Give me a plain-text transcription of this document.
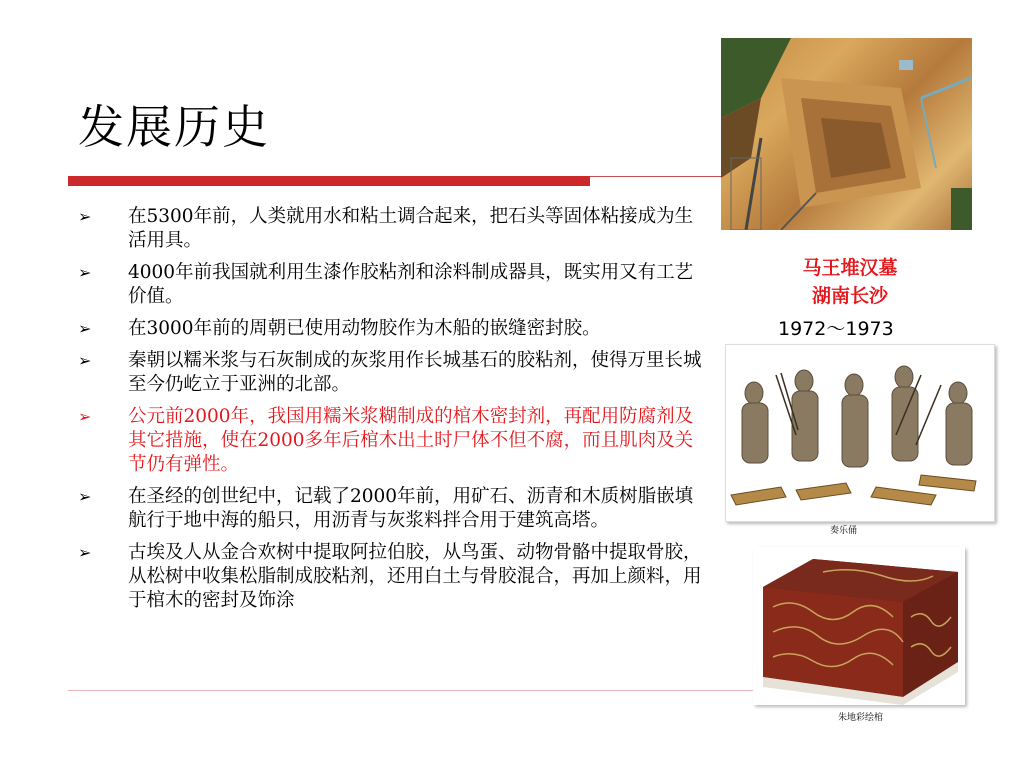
发展历史
➢	在5300年前，人类就用水和粘土调合起来，把石头等固体粘接成为生活用具。
➢	4000年前我国就利用生漆作胶粘剂和涂料制成器具，既实用又有工艺价值。
➢	在3000年前的周朝已使用动物胶作为木船的嵌缝密封胶。
➢	秦朝以糯米浆与石灰制成的灰浆用作长城基石的胶粘剂，使得万里长城至今仍屹立于亚洲的北部。
➢	公元前2000年，我国用糯米浆糊制成的棺木密封剂，再配用防腐剂及其它措施，使在2000多年后棺木出土时尸体不但不腐，而且肌肉及关节仍有弹性。
➢	在圣经的创世纪中，记载了2000年前，用矿石、沥青和木质树脂嵌填航行于地中海的船只，用沥青与灰浆料拌合用于建筑高塔。
➢	古埃及人从金合欢树中提取阿拉伯胶，从鸟蛋、动物骨骼中提取骨胶，从松树中收集松脂制成胶粘剂，还用白土与骨胶混合，再加上颜料，用于棺木的密封及饰涂
马王堆汉墓
湖南长沙
1972～1973
奏乐俑
朱地彩绘棺
